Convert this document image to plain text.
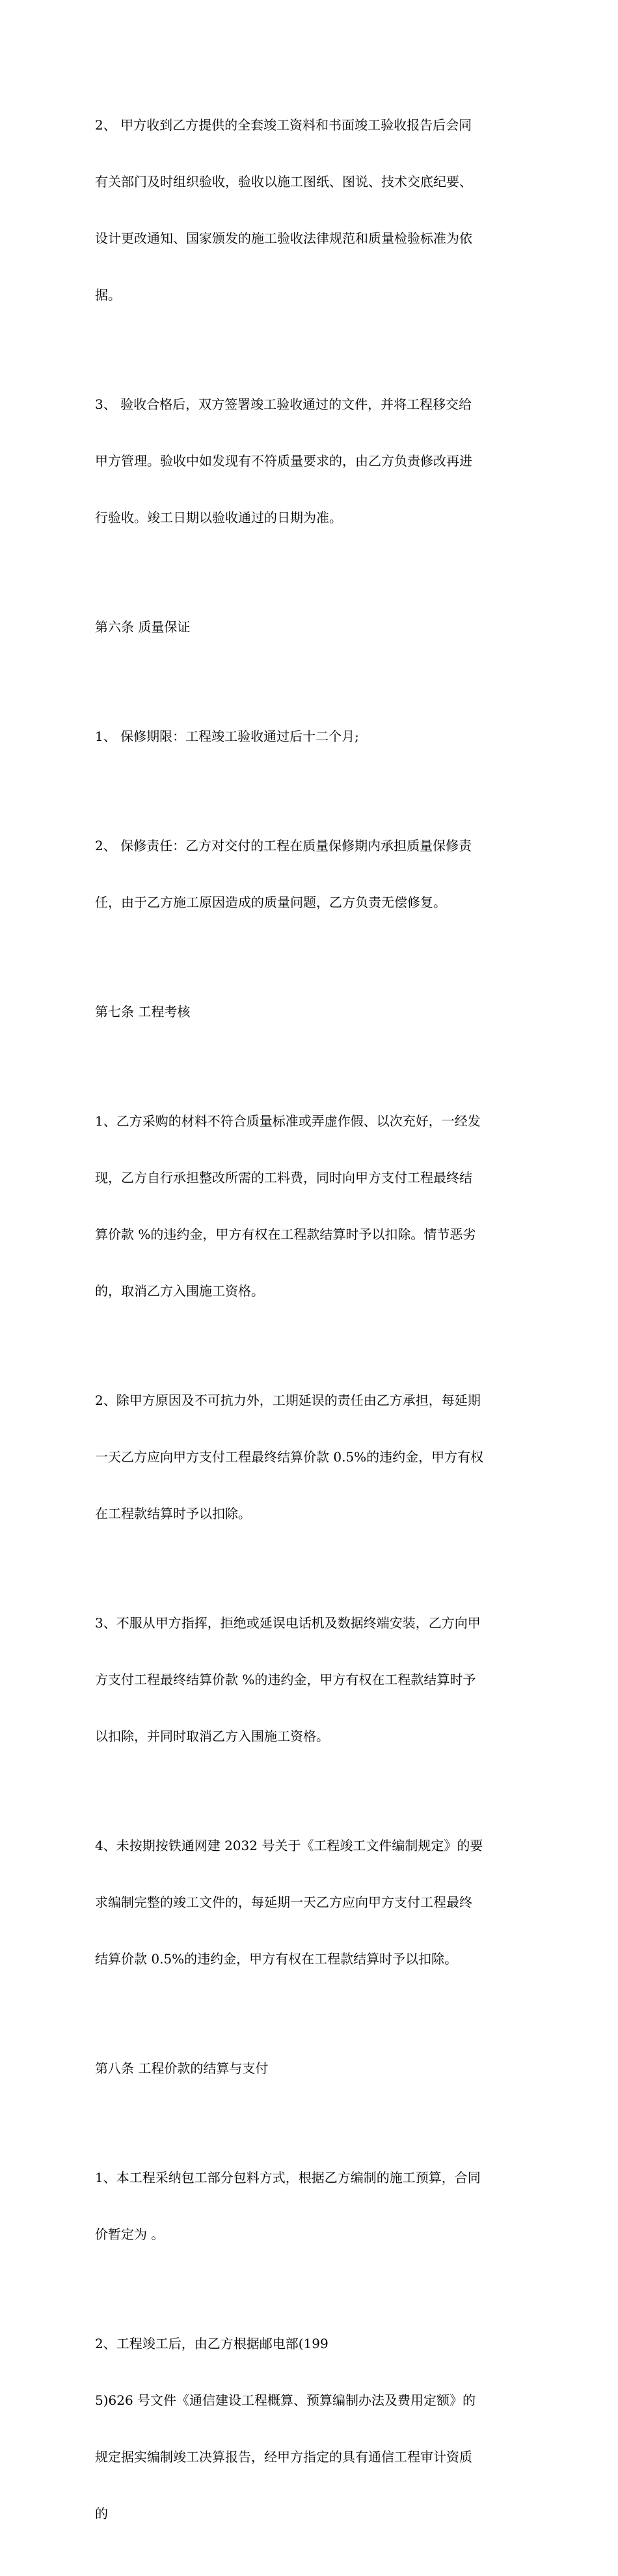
2、 甲方收到乙方提供的全套竣工资料和书面竣工验收报告后会同

有关部门及时组织验收，验收以施工图纸、图说、技术交底纪要、

设计更改通知、国家颁发的施工验收法律规范和质量检验标准为依

据。

3、 验收合格后，双方签署竣工验收通过的文件，并将工程移交给

甲方管理。验收中如发现有不符质量要求的，由乙方负责修改再进

行验收。竣工日期以验收通过的日期为准。

第六条 质量保证

1、 保修期限：工程竣工验收通过后十二个月;

2、 保修责任：乙方对交付的工程在质量保修期内承担质量保修责

任，由于乙方施工原因造成的质量问题，乙方负责无偿修复。

第七条 工程考核

1、乙方采购的材料不符合质量标准或弄虚作假、以次充好，一经发

现，乙方自行承担整改所需的工料费，同时向甲方支付工程最终结

算价款 %的违约金，甲方有权在工程款结算时予以扣除。情节恶劣

的，取消乙方入围施工资格。

2、除甲方原因及不可抗力外，工期延误的责任由乙方承担，每延期

一天乙方应向甲方支付工程最终结算价款 0.5%的违约金，甲方有权

在工程款结算时予以扣除。

3、不服从甲方指挥，拒绝或延误电话机及数据终端安装，乙方向甲

方支付工程最终结算价款 %的违约金，甲方有权在工程款结算时予

以扣除，并同时取消乙方入围施工资格。

4、未按期按铁通网建 2032 号关于《工程竣工文件编制规定》的要

求编制完整的竣工文件的，每延期一天乙方应向甲方支付工程最终

结算价款 0.5%的违约金，甲方有权在工程款结算时予以扣除。

第八条 工程价款的结算与支付

1、本工程采纳包工部分包料方式，根据乙方编制的施工预算，合同

价暂定为 。

2、工程竣工后，由乙方根据邮电部(199

5)626 号文件《通信建设工程概算、预算编制办法及费用定额》的

规定据实编制竣工决算报告，经甲方指定的具有通信工程审计资质

的
